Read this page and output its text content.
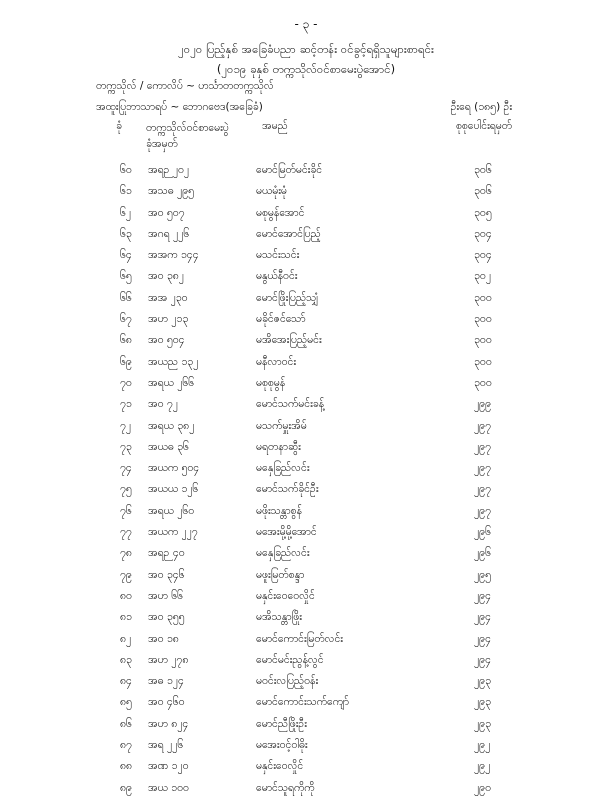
- ၃ -
၂၀၂၀ ပြည့်နှစ် အခြေခံပညာ ဆင့်တန်း ဝင်ခွင့်ရရှိသူများစာရင်း
(၂၀၁၉ ခုနှစ် တက္ကသိုလ်ဝင်စာမေးပွဲအောင်)
တက္ကသိုလ် / ကောလိပ် ~ ဟင်္သာတတက္ကသိုလ်
အထူးပြုဘာသာရပ် ~ ဘောဂဗေဒ(အခြေခံ)	ဦးရေ (၁၈၅) ဦး
ခုံ တက္ကသိုလ်ဝင်စာမေးပွဲ
ခုံအမှတ်
အမည်	စုစုပေါင်းရမှတ်
၆၀ အရဉ ၂၀၂	မောင်မြတ်မင်းခိုင်	၃၀၆
၆၁ အသဓ ၂၉၅	မယမုံးမုံ	၃၀၆
၆၂ အဝ ၅၀၇	မစုမွန်အောင်	၃၀၅
၆၃ အဂရ ၂၂၆	မောင်အောင်ပြည့်	၃၀၄
၆၄ အအက ၁၄၄	မသင်းသင်း	၃၀၄
၆၅ အဝ ၃၈၂	မနွယ်နီဝင်း	၃၀၂
၆၆ အအ ၂၃၀	မောင်ဖြိုးပြည့်သျှံ	၃၀၀
၆၇ အဟ ၂၁၃	မခိုင်ဇင်သော်	၃၀၀
၆၈ အဝ ၅၀၄	မအိအေးပြည့်မင်း	၃၀၀
၆၉ အယည ၁၃၂	မနီလာဝင်း	၃၀၀
၇၀ အရယ ၂၆၆	မစုစုမွန်	၃၀၀
၇၁ အဝ ၇၂	မောင်သက်မင်းခန့်	၂၉၉
၇၂ အရယ ၃၈၂	မသက်မှူးအိမ်	၂၉၇
၇၃ အယဓ ၃၆	မရတနာဆွီး	၂၉၇
၇၄ အယက ၅၀၄	မနှေခြည်လင်း	၂၉၇
၇၅ အယယ ၁၂၆	မောင်သက်ခိုင်ဦး	၂၉၇
၇၆ အရယ ၂၆၀	မဖိုးသန္တာစွန်	၂၉၇
၇၇ အယက ၂၂၇	မအေးမို့မို့အောင်	၂၉၆
၇၈ အရဉ ၄၀	မနှေခြည်လင်း	၂၉၆
၇၉ အဝ ၃၄၆	မဖူးမြတ်စန္ဒာ	၂၉၅
၈၀ အဟ ၆၆	မနှင်းဝေဝေလှိုင်	၂၉၄
၈၁ အဝ ၃၅၅	မအိသန္တာဖြိုး	၂၉၄
၈၂ အဝ ၁၈	မောင်ကောင်းမြတ်လင်း	၂၉၄
၈၃ အဟ ၂၇၈	မောင်မင်းညွန့်လွင်	၂၉၄
၈၄ အဓ ၁၂၄	မဝင်းလပြည့်ဝန်း	၂၉၃
၈၅ အဝ ၄၆၀	မောင်ကောင်းသက်ကျော်	၂၉၃
၈၆ အဟ ၈၂၄	မောင်ညီဖြိုးဦး	၂၉၃
၈၇ အရ ၂၂၆	မအေးဝင့်ဝါဓိုး	၂၉၂
၈၈ အဏ ၁၂၀	မနှင်းဝေလှိုင်	၂၉၂
၈၉ အယ ၁၀၀	မောင်သူရကိုကို	၂၉၀
